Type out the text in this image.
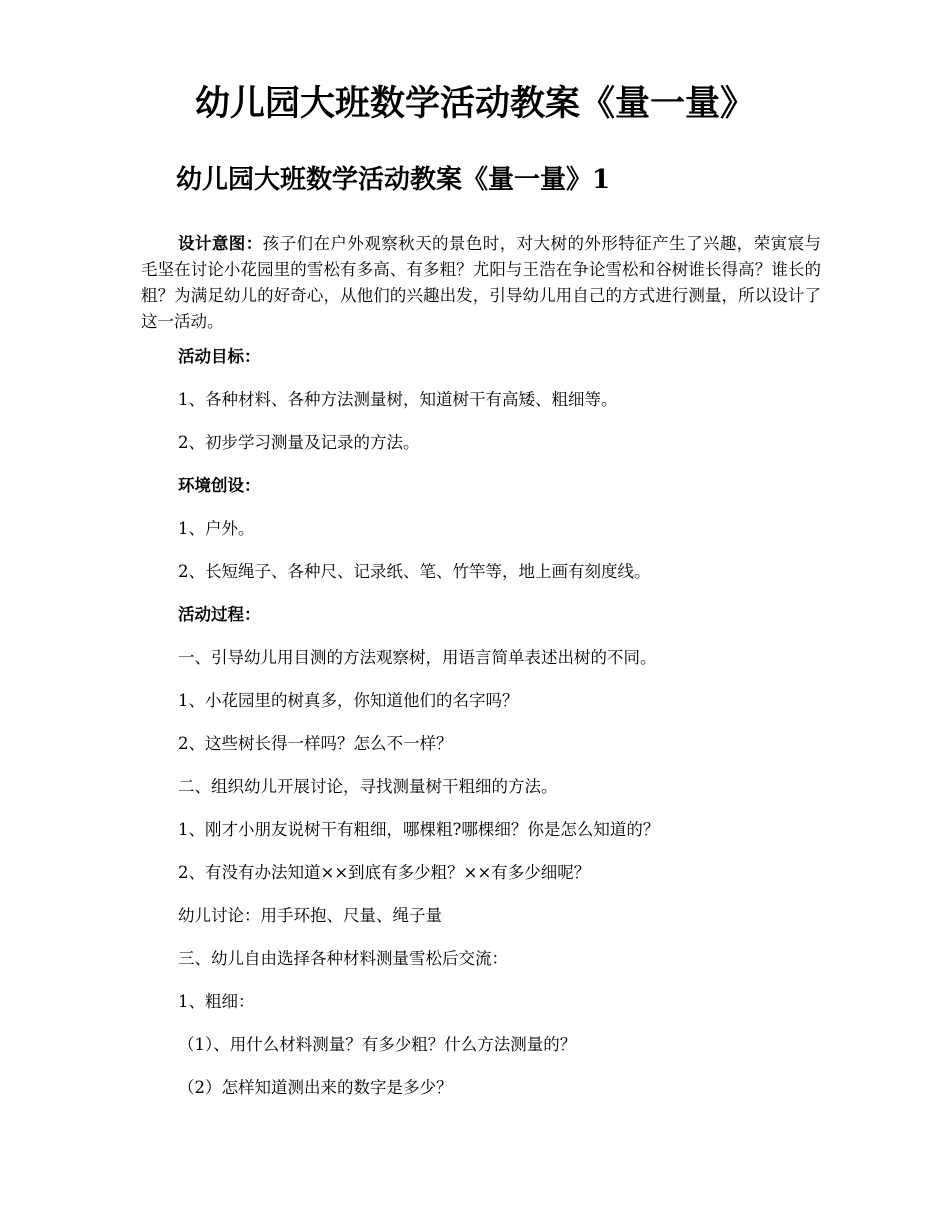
幼儿园大班数学活动教案《量一量》
幼儿园大班数学活动教案《量一量》1

设计意图：孩子们在户外观察秋天的景色时，对大树的外形特征产生了兴趣，荣寅宸与毛坚在讨论小花园里的雪松有多高、有多粗？尤阳与王浩在争论雪松和谷树谁长得高？谁长的粗？为满足幼儿的好奇心，从他们的兴趣出发，引导幼儿用自己的方式进行测量，所以设计了这一活动。

活动目标：

1、各种材料、各种方法测量树，知道树干有高矮、粗细等。

2、初步学习测量及记录的方法。

环境创设：

1、户外。

2、长短绳子、各种尺、记录纸、笔、竹竿等，地上画有刻度线。

活动过程：

一、引导幼儿用目测的方法观察树，用语言简单表述出树的不同。

1、小花园里的树真多，你知道他们的名字吗？

2、这些树长得一样吗？怎么不一样？

二、组织幼儿开展讨论，寻找测量树干粗细的方法。

1、刚才小朋友说树干有粗细，哪棵粗?哪棵细？你是怎么知道的？

2、有没有办法知道××到底有多少粗？××有多少细呢？

幼儿讨论：用手环抱、尺量、绳子量

三、幼儿自由选择各种材料测量雪松后交流：

1、粗细：

（1）、用什么材料测量？有多少粗？什么方法测量的？

（2）怎样知道测出来的数字是多少？
